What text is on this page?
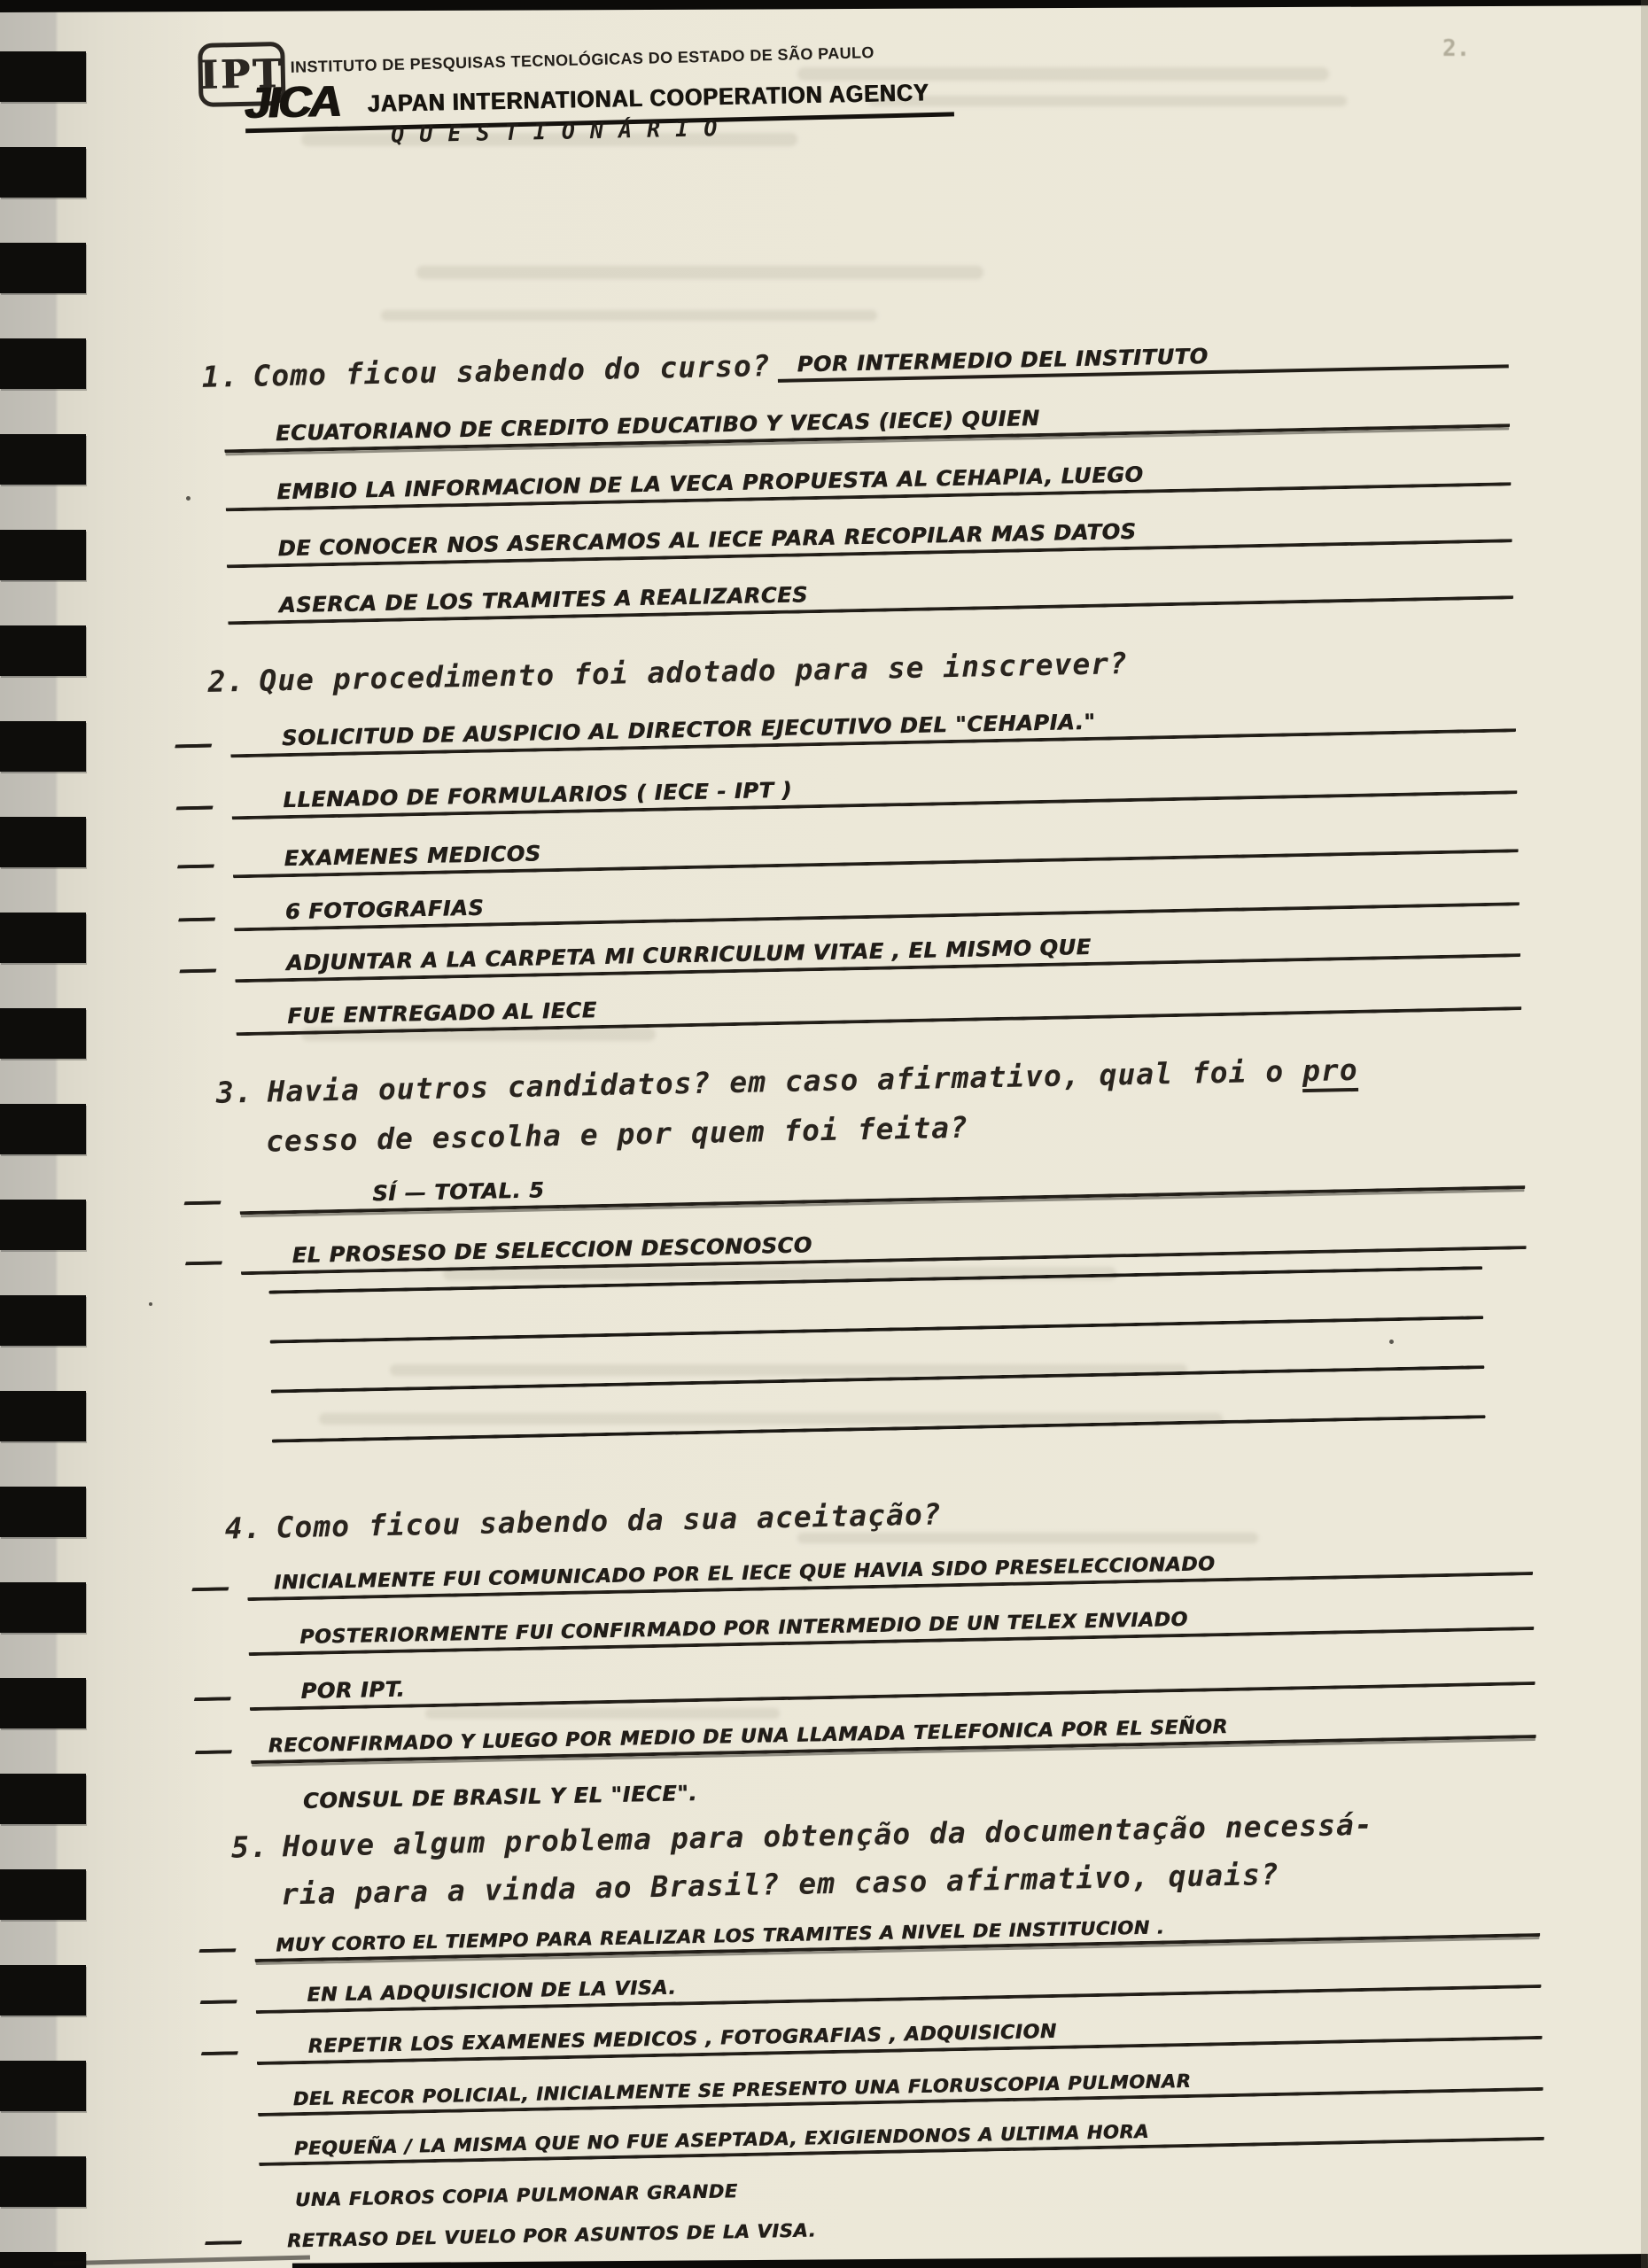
2.
IPT INSTITUTO DE PESQUISAS TECNOLÓGICAS DO ESTADO DE SÃO PAULO
JICA JAPAN INTERNATIONAL COOPERATION AGENCY
Q U E S T I O N Á R I O
1. Como ficou sabendo do curso? POR INTERMEDIO DEL INSTITUTO
ECUATORIANO DE CREDITO EDUCATIBO Y VECAS (IECE) QUIEN
EMBIO LA INFORMACION DE LA VECA PROPUESTA AL CEHAPIA, LUEGO
DE CONOCER NOS ASERCAMOS AL IECE PARA RECOPILAR MAS DATOS
ASERCA DE LOS TRAMITES A REALIZARCES
2. Que procedimento foi adotado para se inscrever?
—	SOLICITUD DE AUSPICIO AL DIRECTOR EJECUTIVO DEL "CEHAPIA."
—	LLENADO DE FORMULARIOS ( IECE - IPT )
—	EXAMENES MEDICOS
—	6 FOTOGRAFIAS
—	ADJUNTAR A LA CARPETA MI CURRICULUM VITAE , EL MISMO QUE
FUE ENTREGADO AL IECE
3. Havia outros candidatos? em caso afirmativo, qual foi o pro
cesso de escolha e por quem foi feita?
—	SÍ — TOTAL. 5
—	EL PROSESO DE SELECCION DESCONOSCO
4. Como ficou sabendo da sua aceitação?
—	INICIALMENTE FUI COMUNICADO POR EL IECE QUE HAVIA SIDO PRESELECCIONADO
POSTERIORMENTE FUI CONFIRMADO POR INTERMEDIO DE UN TELEX ENVIADO
—	POR IPT.
—	RECONFIRMADO Y LUEGO POR MEDIO DE UNA LLAMADA TELEFONICA POR EL SEÑOR
CONSUL DE BRASIL Y EL "IECE".
5. Houve algum problema para obtenção da documentação necessá-
ria para a vinda ao Brasil? em caso afirmativo, quais?
—	MUY CORTO EL TIEMPO PARA REALIZAR LOS TRAMITES A NIVEL DE INSTITUCION .
—	EN LA ADQUISICION DE LA VISA.
—	REPETIR LOS EXAMENES MEDICOS , FOTOGRAFIAS , ADQUISICION
DEL RECOR POLICIAL, INICIALMENTE SE PRESENTO UNA FLORUSCOPIA PULMONAR
PEQUEÑA / LA MISMA QUE NO FUE ASEPTADA, EXIGIENDONOS A ULTIMA HORA
UNA FLOROS COPIA PULMONAR GRANDE
—	RETRASO DEL VUELO POR ASUNTOS DE LA VISA.
